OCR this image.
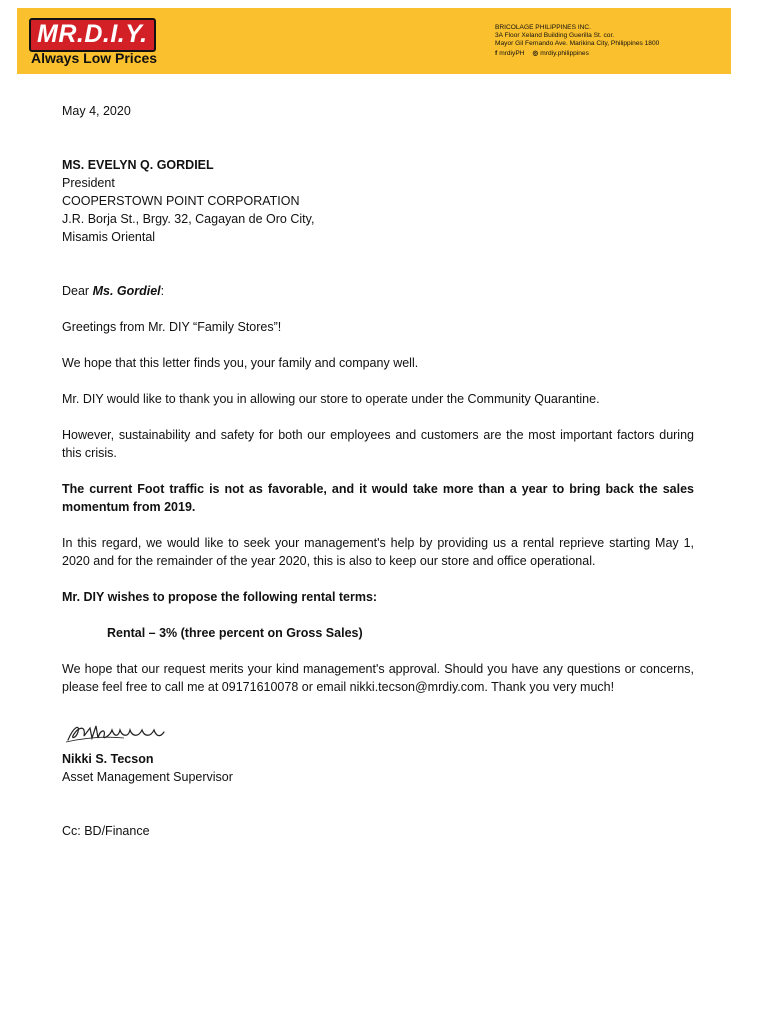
MR.D.I.Y.
Always Low Prices
BRICOLAGE PHILIPPINES INC.
3A Floor Xeland Building Guerilla St. cor.
Mayor Gil Fernando Ave. Marikina City, Philippines 1800
f mrdiyPH ◎ mrdiy.philippines

May 4, 2020

MS. EVELYN Q. GORDIEL

President

COOPERSTOWN POINT CORPORATION

J.R. Borja St., Brgy. 32, Cagayan de Oro City,

Misamis Oriental

Dear Ms. Gordiel:

Greetings from Mr. DIY “Family Stores”!

We hope that this letter finds you, your family and company well.

Mr. DIY would like to thank you in allowing our store to operate under the Community Quarantine.

However, sustainability and safety for both our employees and customers are the most important factors during this crisis.

The current Foot traffic is not as favorable, and it would take more than a year to bring back the sales momentum from 2019.

In this regard, we would like to seek your management's help by providing us a rental reprieve starting May 1, 2020 and for the remainder of the year 2020, this is also to keep our store and office operational.

Mr. DIY wishes to propose the following rental terms:

Rental – 3% (three percent on Gross Sales)

We hope that our request merits your kind management's approval. Should you have any questions or concerns, please feel free to call me at 09171610078 or email nikki.tecson@mrdiy.com. Thank you very much!

Nikki S. Tecson

Asset Management Supervisor

Cc: BD/Finance
